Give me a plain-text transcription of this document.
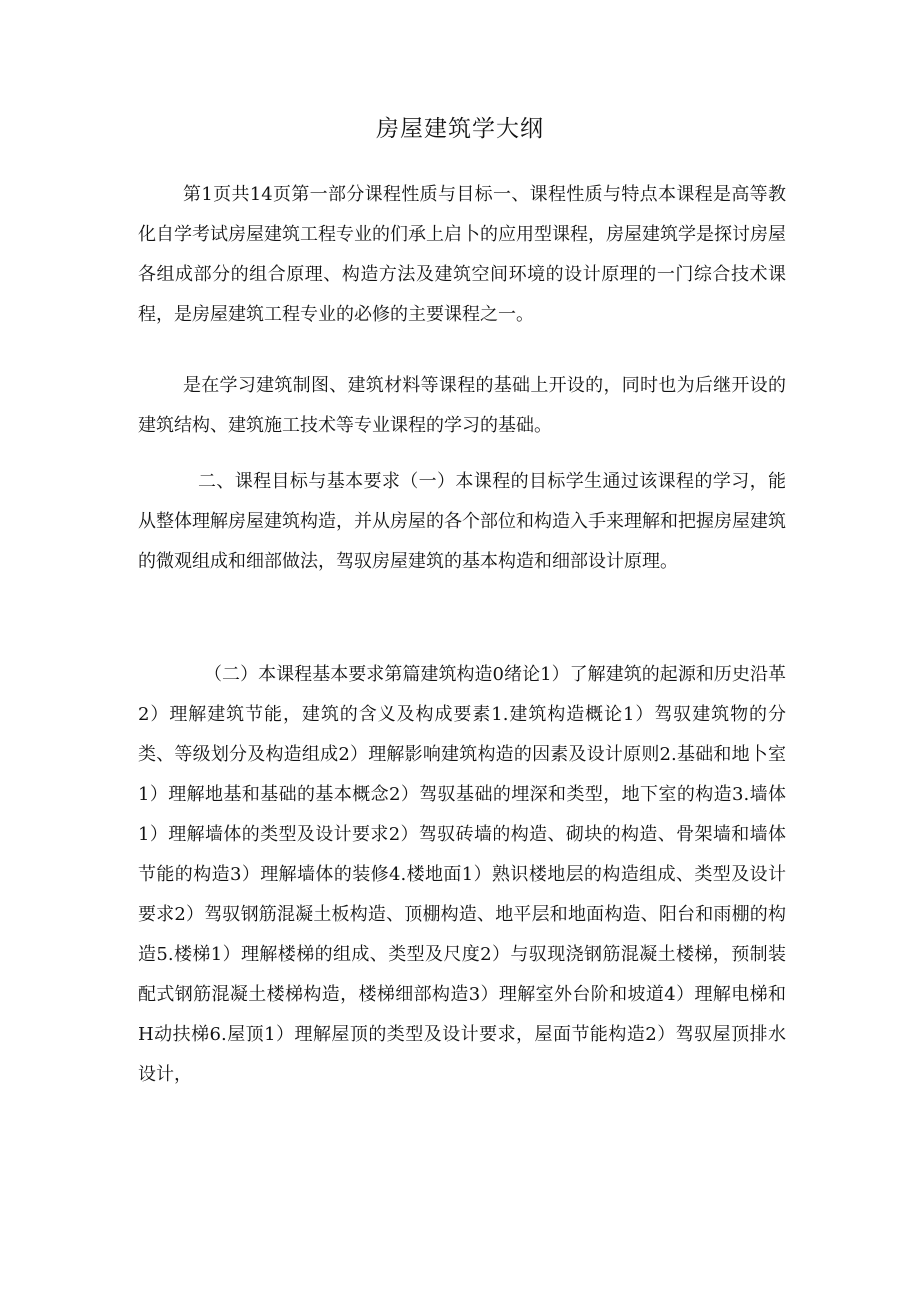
房屋建筑学大纲

第1页共14页第一部分课程性质与目标一、课程性质与特点本课程是高等教化自学考试房屋建筑工程专业的们承上启卜的应用型课程，房屋建筑学是探讨房屋各组成部分的组合原理、构造方法及建筑空间环境的设计原理的一门综合技术课程，是房屋建筑工程专业的必修的主要课程之一。

是在学习建筑制图、建筑材料等课程的基础上开设的，同时也为后继开设的建筑结构、建筑施工技术等专业课程的学习的基础。

二、课程目标与基本要求（一）本课程的目标学生通过该课程的学习，能从整体理解房屋建筑构造，并从房屋的各个部位和构造入手来理解和把握房屋建筑的微观组成和细部做法，驾驭房屋建筑的基本构造和细部设计原理。

（二）本课程基本要求第篇建筑构造0绪论1）了解建筑的起源和历史沿革2）理解建筑节能，建筑的含义及构成要素1.建筑构造概论1）驾驭建筑物的分类、等级划分及构造组成2）理解影响建筑构造的因素及设计原则2.基础和地卜室1）理解地基和基础的基本概念2）驾驭基础的埋深和类型，地下室的构造3.墙体1）理解墙体的类型及设计要求2）驾驭砖墙的构造、砌块的构造、骨架墙和墙体节能的构造3）理解墙体的装修4.楼地面1）熟识楼地层的构造组成、类型及设计要求2）驾驭钢筋混凝土板构造、顶棚构造、地平层和地面构造、阳台和雨棚的构造5.楼梯1）理解楼梯的组成、类型及尺度2）与驭现浇钢筋混凝土楼梯，预制装配式钢筋混凝土楼梯构造，楼梯细部构造3）理解室外台阶和坡道4）理解电梯和H动扶梯6.屋顶1）理解屋顶的类型及设计要求，屋面节能构造2）驾驭屋顶排水设计，
